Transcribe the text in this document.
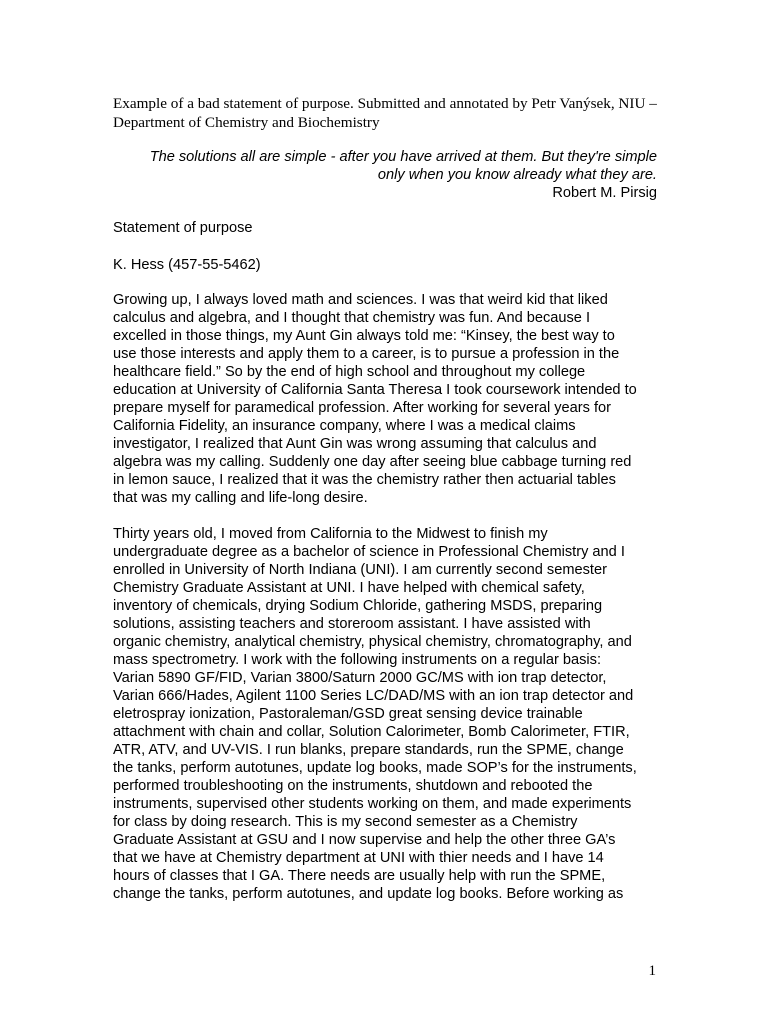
Example of a bad statement of purpose. Submitted and annotated by Petr Vanýsek, NIU –
Department of Chemistry and Biochemistry
The solutions all are simple - after you have arrived at them. But they're simple
only when you know already what they are.
Robert M. Pirsig
Statement of purpose
K. Hess (457-55-5462)
Growing up, I always loved math and sciences. I was that weird kid that liked
calculus and algebra, and I thought that chemistry was fun. And because I
excelled in those things, my Aunt Gin always told me: “Kinsey, the best way to
use those interests and apply them to a career, is to pursue a profession in the
healthcare field.” So by the end of high school and throughout my college
education at University of California Santa Theresa I took coursework intended to
prepare myself for paramedical profession. After working for several years for
California Fidelity, an insurance company, where I was a medical claims
investigator, I realized that Aunt Gin was wrong assuming that calculus and
algebra was my calling. Suddenly one day after seeing blue cabbage turning red
in lemon sauce, I realized that it was the chemistry rather then actuarial tables
that was my calling and life-long desire.
Thirty years old, I moved from California to the Midwest to finish my
undergraduate degree as a bachelor of science in Professional Chemistry and I
enrolled in University of North Indiana (UNI). I am currently second semester
Chemistry Graduate Assistant at UNI. I have helped with chemical safety,
inventory of chemicals, drying Sodium Chloride, gathering MSDS, preparing
solutions, assisting teachers and storeroom assistant. I have assisted with
organic chemistry, analytical chemistry, physical chemistry, chromatography, and
mass spectrometry. I work with the following instruments on a regular basis:
Varian 5890 GF/FID, Varian 3800/Saturn 2000 GC/MS with ion trap detector,
Varian 666/Hades, Agilent 1100 Series LC/DAD/MS with an ion trap detector and
eletrospray ionization, Pastoraleman/GSD great sensing device trainable
attachment with chain and collar, Solution Calorimeter, Bomb Calorimeter, FTIR,
ATR, ATV, and UV-VIS. I run blanks, prepare standards, run the SPME, change
the tanks, perform autotunes, update log books, made SOP’s for the instruments,
performed troubleshooting on the instruments, shutdown and rebooted the
instruments, supervised other students working on them, and made experiments
for class by doing research. This is my second semester as a Chemistry
Graduate Assistant at GSU and I now supervise and help the other three GA’s
that we have at Chemistry department at UNI with thier needs and I have 14
hours of classes that I GA. There needs are usually help with run the SPME,
change the tanks, perform autotunes, and update log books. Before working as
1
